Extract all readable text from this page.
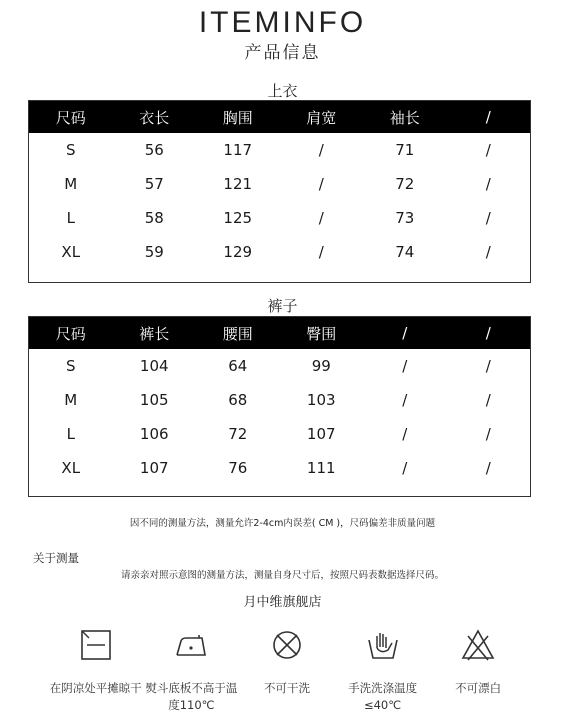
ITEMINFO
产品信息
上衣
尺码	衣长	胸围	肩宽	袖长	/
S	56	117	/	71	/
M	57	121	/	72	/
L	58	125	/	73	/
XL	59	129	/	74	/
裤子
尺码	裤长	腰围	臀围	/	/
S	104	64	99	/	/
M	105	68	103	/	/
L	106	72	107	/	/
XL	107	76	111	/	/
因不同的测量方法，测量允许2-4cm内误差( CM )，尺码偏差非质量问题
关于测量
请亲亲对照示意图的测量方法，测量自身尺寸后，按照尺码表数据选择尺码。
月中维旗舰店
在阴凉处平摊晾干 熨斗底板不高于温度110℃
不可干洗	手洗洗涤温度≤40℃
不可漂白
